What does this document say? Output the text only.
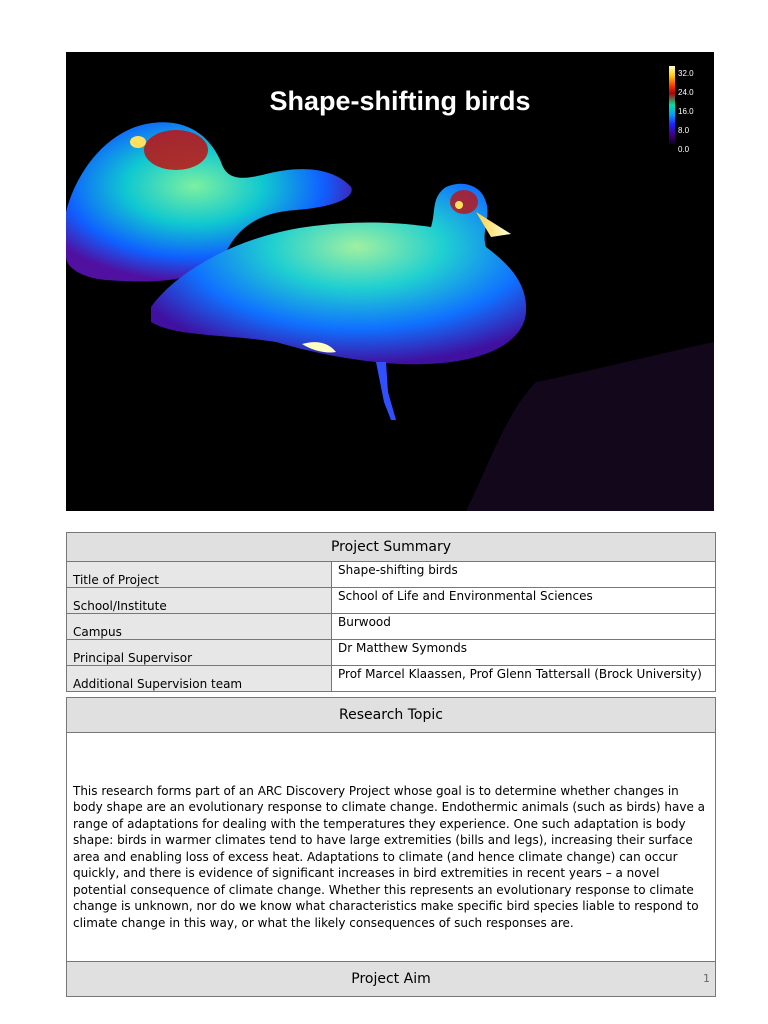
Shape-shifting birds
32.0
24.0
16.0
8.0
0.0
Project Summary	
Title of Project	Shape-shifting birds
School/Institute	School of Life and Environmental Sciences
Campus	Burwood
Principal Supervisor	Dr Matthew Symonds
Additional Supervision team	Prof Marcel Klaassen, Prof Glenn Tattersall (Brock University)
Research Topic
This research forms part of an ARC Discovery Project whose goal is to determine whether changes in body shape are an evolutionary response to climate change. Endothermic animals (such as birds) have a range of adaptations for dealing with the temperatures they experience. One such adaptation is body shape: birds in warmer climates tend to have large extremities (bills and legs), increasing their surface area and enabling loss of excess heat. Adaptations to climate (and hence climate change) can occur quickly, and there is evidence of significant increases in bird extremities in recent years – a novel potential consequence of climate change. Whether this represents an evolutionary response to climate change is unknown, nor do we know what characteristics make specific bird species liable to respond to climate change in this way, or what the likely consequences of such responses are.
Project Aim	1
